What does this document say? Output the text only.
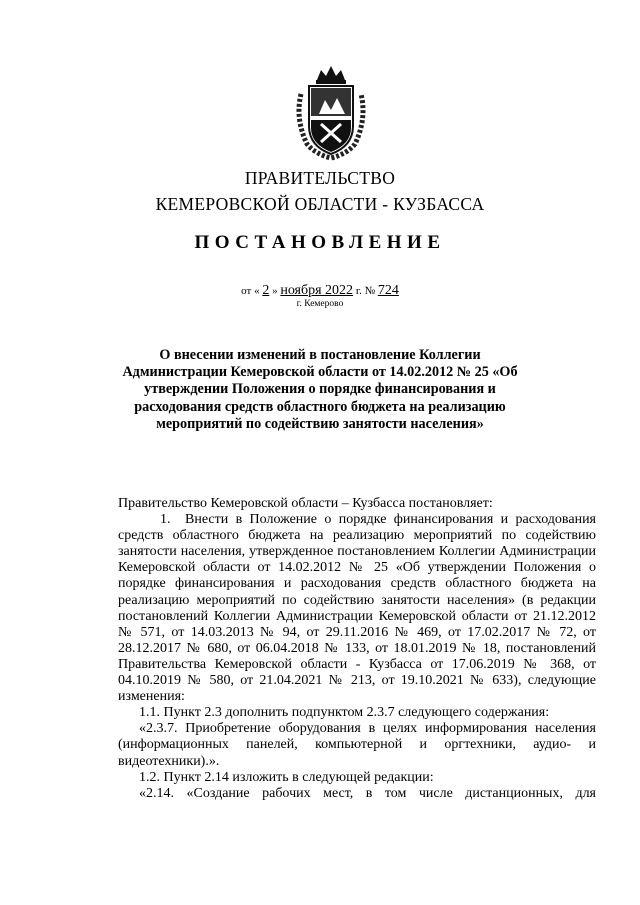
ПРАВИТЕЛЬСТВО
КЕМЕРОВСКОЙ ОБЛАСТИ - КУЗБАССА
ПОСТАНОВЛЕНИЕ
от « 2 » ноября 2022 г. № 724
г. Кемерово
О внесении изменений в постановление Коллегии Администрации Кемеровской области от 14.02.2012 № 25 «Об утверждении Положения о порядке финансирования и расходования средств областного бюджета на реализацию мероприятий по содействию занятости населения»

Правительство Кемеровской области – Кузбасса постановляет:

1. Внести в Положение о порядке финансирования и расходования средств областного бюджета на реализацию мероприятий по содействию занятости населения, утвержденное постановлением Коллегии Администрации Кемеровской области от 14.02.2012 № 25 «Об утверждении Положения о порядке финансирования и расходования средств областного бюджета на реализацию мероприятий по содействию занятости населения» (в редакции постановлений Коллегии Администрации Кемеровской области от 21.12.2012 № 571, от 14.03.2013 № 94, от 29.11.2016 № 469, от 17.02.2017 № 72, от 28.12.2017 № 680, от 06.04.2018 № 133, от 18.01.2019 № 18, постановлений Правительства Кемеровской области - Кузбасса от 17.06.2019 № 368, от 04.10.2019 № 580, от 21.04.2021 № 213, от 19.10.2021 № 633), следующие изменения:

1.1. Пункт 2.3 дополнить подпунктом 2.3.7 следующего содержания:

«2.3.7. Приобретение оборудования в целях информирования населения (информационных панелей, компьютерной и оргтехники, аудио- и видеотехники).».

1.2. Пункт 2.14 изложить в следующей редакции:

«2.14. «Создание рабочих мест, в том числе дистанционных, для
